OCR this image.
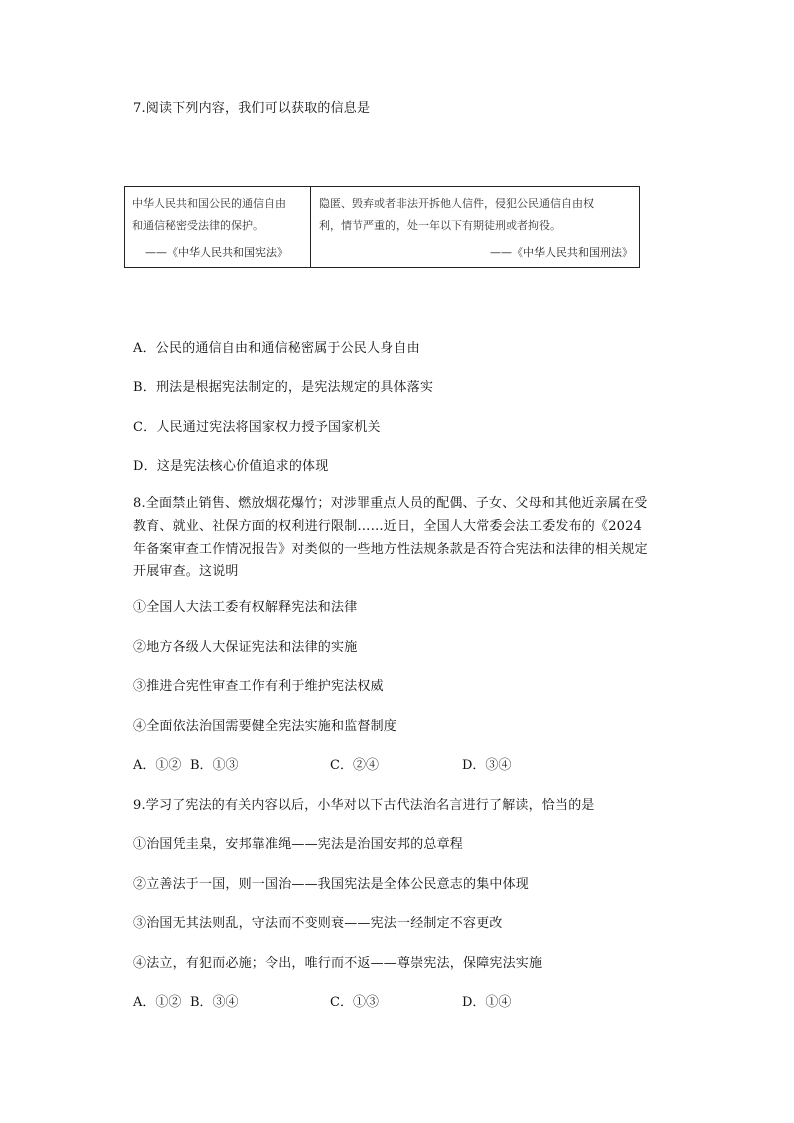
7.阅读下列内容，我们可以获取的信息是
中华人民共和国公民的通信自由
和通信秘密受法律的保护。
——《中华人民共和国宪法》
隐匿、毁弃或者非法开拆他人信件，侵犯公民通信自由权
利，情节严重的，处一年以下有期徒刑或者拘役。
——《中华人民共和国刑法》
A．公民的通信自由和通信秘密属于公民人身自由
B．刑法是根据宪法制定的，是宪法规定的具体落实
C．人民通过宪法将国家权力授予国家机关
D．这是宪法核心价值追求的体现
8.全面禁止销售、燃放烟花爆竹；对涉罪重点人员的配偶、子女、父母和其他近亲属在受
教育、就业、社保方面的权利进行限制……近日，全国人大常委会法工委发布的《2024
年备案审查工作情况报告》对类似的一些地方性法规条款是否符合宪法和法律的相关规定
开展审查。这说明
①全国人大法工委有权解释宪法和法律
②地方各级人大保证宪法和法律的实施
③推进合宪性审查工作有利于维护宪法权威
④全面依法治国需要健全宪法实施和监督制度
A．①② B．①③	C．②④	D．③④
9.学习了宪法的有关内容以后，小华对以下古代法治名言进行了解读，恰当的是
①治国凭圭臬，安邦靠准绳——宪法是治国安邦的总章程
②立善法于一国，则一国治——我国宪法是全体公民意志的集中体现
③治国无其法则乱，守法而不变则衰——宪法一经制定不容更改
④法立，有犯而必施；令出，唯行而不返——尊崇宪法，保障宪法实施
A．①② B．③④	C．①③	D．①④
